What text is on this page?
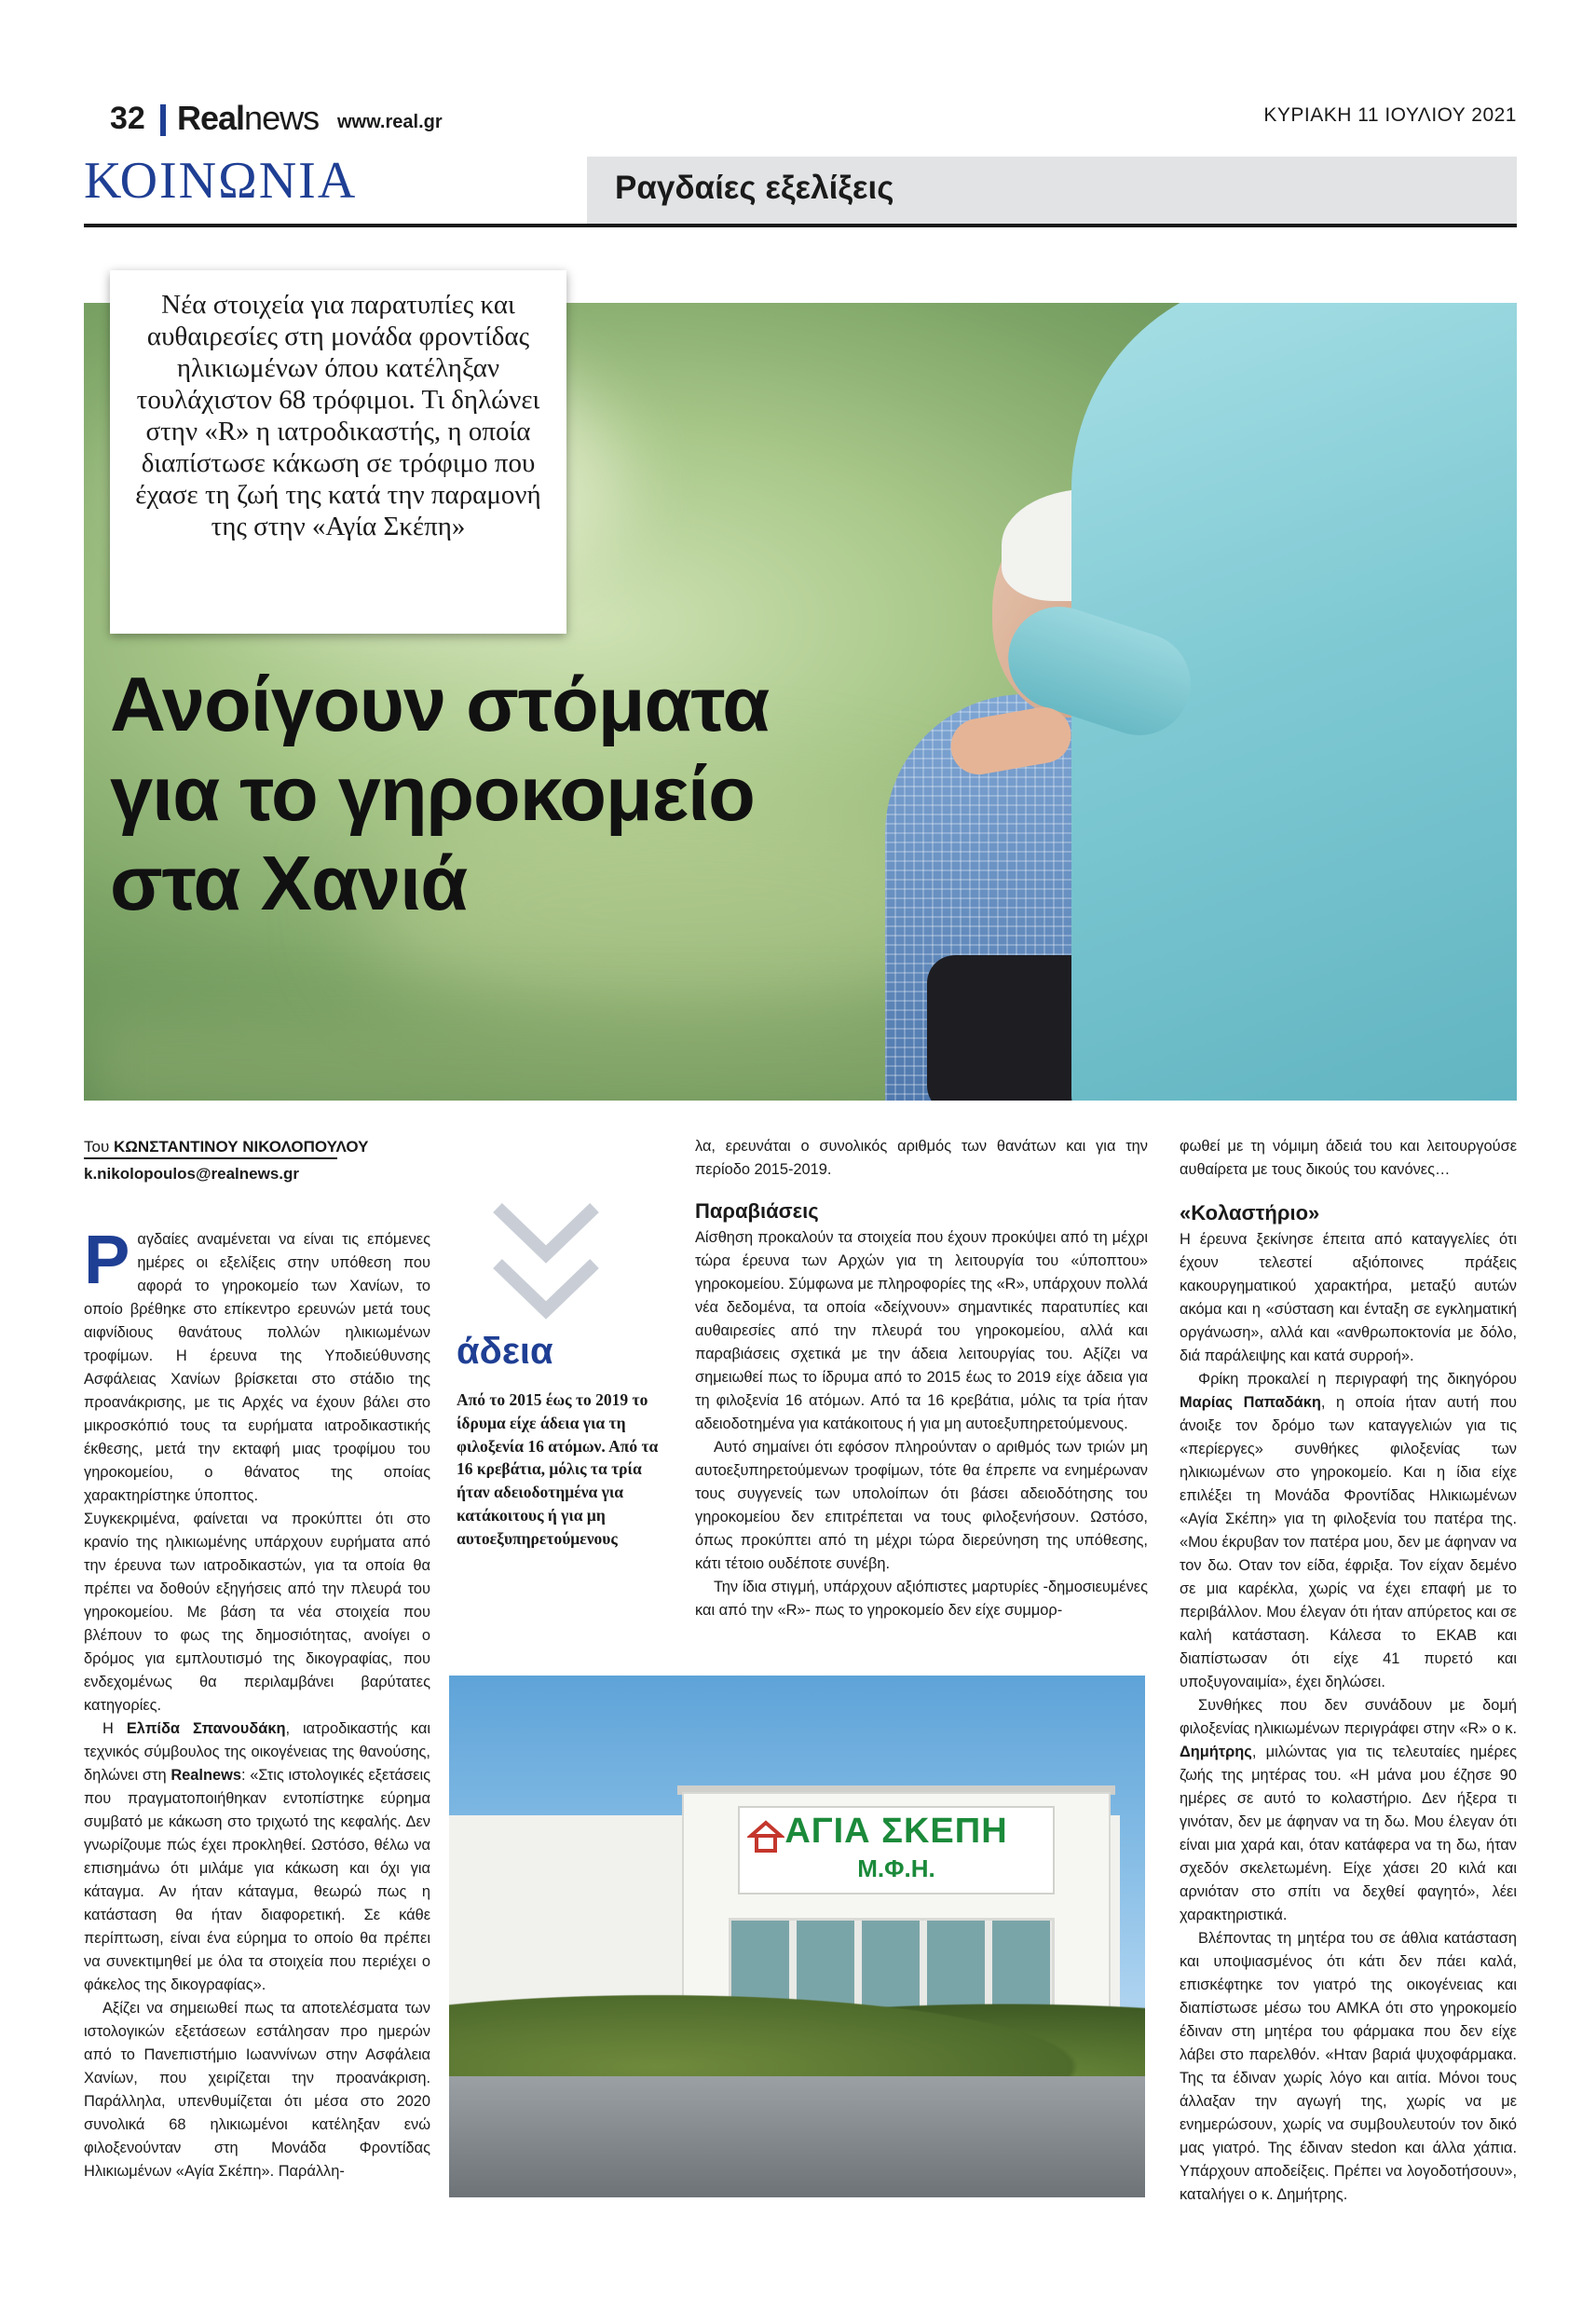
32 Realnews www.real.gr	ΚΥΡΙΑΚΗ 11 ΙΟΥΛΙΟΥ 2021
ΚΟΙΝΩΝΙΑ	Ραγδαίες εξελίξεις

Νέα στοιχεία για παρατυπίες και αυθαιρεσίες στη μονάδα φροντίδας ηλικιωμένων όπου κατέληξαν τουλάχιστον 68 τρόφιμοι. Τι δηλώνει στην «R» η ιατροδικαστής, η οποία διαπίστωσε κάκωση σε τρόφιμο που έχασε τη ζωή της κατά την παραμονή της στην «Αγία Σκέπη»

Ανοίγουν στόματα
για το γηροκομείο
στα Χανιά
Του ΚΩΝΣΤΑΝΤΙΝΟΥ ΝΙΚΟΛΟΠΟΥΛΟΥ
k.nikolopoulos@realnews.gr

Ραγδαίες αναμένεται να είναι τις επόμενες ημέρες οι εξελίξεις στην υπόθεση που αφορά το γηροκομείο των Χανίων, το οποίο βρέθηκε στο επίκεντρο ερευνών μετά τους αιφνίδιους θανάτους πολλών ηλικιωμένων τροφίμων. Η έρευνα της Υποδιεύθυνσης Ασφάλειας Χανίων βρίσκεται στο στάδιο της προανάκρισης, με τις Αρχές να έχουν βάλει στο μικροσκόπιό τους τα ευρήματα ιατροδικαστικής έκθεσης, μετά την εκταφή μιας τροφίμου του γηροκομείου, ο θάνατος της οποίας χαρακτηρίστηκε ύποπτος.

Συγκεκριμένα, φαίνεται να προκύπτει ότι στο κρανίο της ηλικιωμένης υπάρχουν ευρήματα από την έρευνα των ιατροδικαστών, για τα οποία θα πρέπει να δοθούν εξηγήσεις από την πλευρά του γηροκομείου. Με βάση τα νέα στοιχεία που βλέπουν το φως της δημοσιότητας, ανοίγει ο δρόμος για εμπλουτισμό της δικογραφίας, που ενδεχομένως θα περιλαμβάνει βαρύτατες κατηγορίες.

Η Ελπίδα Σπανουδάκη, ιατροδικαστής και τεχνικός σύμβουλος της οικογένειας της θανούσης, δηλώνει στη Realnews: «Στις ιστολογικές εξετάσεις που πραγματοποιήθηκαν εντοπίστηκε εύρημα συμβατό με κάκωση στο τριχωτό της κεφαλής. Δεν γνωρίζουμε πώς έχει προκληθεί. Ωστόσο, θέλω να επισημάνω ότι μιλάμε για κάκωση και όχι για κάταγμα. Αν ήταν κάταγμα, θεωρώ πως η κατάσταση θα ήταν διαφορετική. Σε κάθε περίπτωση, είναι ένα εύρημα το οποίο θα πρέπει να συνεκτιμηθεί με όλα τα στοιχεία που περιέχει ο φάκελος της δικογραφίας».

Αξίζει να σημειωθεί πως τα αποτελέσματα των ιστολογικών εξετάσεων εστάλησαν προ ημερών από το Πανεπιστήμιο Ιωαννίνων στην Ασφάλεια Χανίων, που χειρίζεται την προανάκριση. Παράλληλα, υπενθυμίζεται ότι μέσα στο 2020 συνολικά 68 ηλικιωμένοι κατέληξαν ενώ φιλοξενούνταν στη Μονάδα Φροντίδας Ηλικιωμένων «Αγία Σκέπη». Παράλλη-

άδεια
Από το 2015 έως το 2019 το ίδρυμα είχε άδεια για τη φιλοξενία 16 ατόμων. Από τα 16 κρεβάτια, μόλις τα τρία ήταν αδειοδοτημένα για κατάκοιτους ή για μη αυτοεξυπηρετούμενους

λα, ερευνάται ο συνολικός αριθμός των θανάτων και για την περίοδο 2015-2019.

Παραβιάσεις

Αίσθηση προκαλούν τα στοιχεία που έχουν προκύψει από τη μέχρι τώρα έρευνα των Αρχών για τη λειτουργία του «ύποπτου» γηροκομείου. Σύμφωνα με πληροφορίες της «R», υπάρχουν πολλά νέα δεδομένα, τα οποία «δείχνουν» σημαντικές παρατυπίες και αυθαιρεσίες από την πλευρά του γηροκομείου, αλλά και παραβιάσεις σχετικά με την άδεια λειτουργίας του. Αξίζει να σημειωθεί πως το ίδρυμα από το 2015 έως το 2019 είχε άδεια για τη φιλοξενία 16 ατόμων. Από τα 16 κρεβάτια, μόλις τα τρία ήταν αδειοδοτημένα για κατάκοιτους ή για μη αυτοεξυπηρετούμενους.

Αυτό σημαίνει ότι εφόσον πληρούνταν ο αριθμός των τριών μη αυτοεξυπηρετούμενων τροφίμων, τότε θα έπρεπε να ενημέρωναν τους συγγενείς των υπολοίπων ότι βάσει αδειοδότησης του γηροκομείου δεν επιτρέπεται να τους φιλοξενήσουν. Ωστόσο, όπως προκύπτει από τη μέχρι τώρα διερεύνηση της υπόθεσης, κάτι τέτοιο ουδέποτε συνέβη.

Την ίδια στιγμή, υπάρχουν αξιόπιστες μαρτυρίες -δημοσιευμένες και από την «R»- πως το γηροκομείο δεν είχε συμμορ-

ΑΓΙΑ ΣΚΕΠΗ
Μ.Φ.Η.

φωθεί με τη νόμιμη άδειά του και λειτουργούσε αυθαίρετα με τους δικούς του κανόνες…

«Κολαστήριο»

Η έρευνα ξεκίνησε έπειτα από καταγγελίες ότι έχουν τελεστεί αξιόποινες πράξεις κακουργηματικού χαρακτήρα, μεταξύ αυτών ακόμα και η «σύσταση και ένταξη σε εγκληματική οργάνωση», αλλά και «ανθρωποκτονία με δόλο, διά παράλειψης και κατά συρροή».

Φρίκη προκαλεί η περιγραφή της δικηγόρου Μαρίας Παπαδάκη, η οποία ήταν αυτή που άνοιξε τον δρόμο των καταγγελιών για τις «περίεργες» συνθήκες φιλοξενίας των ηλικιωμένων στο γηροκομείο. Και η ίδια είχε επιλέξει τη Μονάδα Φροντίδας Ηλικιωμένων «Αγία Σκέπη» για τη φιλοξενία του πατέρα της. «Μου έκρυβαν τον πατέρα μου, δεν με άφηναν να τον δω. Οταν τον είδα, έφριξα. Τον είχαν δεμένο σε μια καρέκλα, χωρίς να έχει επαφή με το περιβάλλον. Μου έλεγαν ότι ήταν απύρετος και σε καλή κατάσταση. Κάλεσα το ΕΚΑΒ και διαπίστωσαν ότι είχε 41 πυρετό και υποξυγοναιμία», έχει δηλώσει.

Συνθήκες που δεν συνάδουν με δομή φιλοξενίας ηλικιωμένων περιγράφει στην «R» ο κ. Δημήτρης, μιλώντας για τις τελευταίες ημέρες ζωής της μητέρας του. «Η μάνα μου έζησε 90 ημέρες σε αυτό το κολαστήριο. Δεν ήξερα τι γινόταν, δεν με άφηναν να τη δω. Μου έλεγαν ότι είναι μια χαρά και, όταν κατάφερα να τη δω, ήταν σχεδόν σκελετωμένη. Είχε χάσει 20 κιλά και αρνιόταν στο σπίτι να δεχθεί φαγητό», λέει χαρακτηριστικά.

Βλέποντας τη μητέρα του σε άθλια κατάσταση και υποψιασμένος ότι κάτι δεν πάει καλά, επισκέφτηκε τον γιατρό της οικογένειας και διαπίστωσε μέσω του ΑΜΚΑ ότι στο γηροκομείο έδιναν στη μητέρα του φάρμακα που δεν είχε λάβει στο παρελθόν. «Ηταν βαριά ψυχοφάρμακα. Της τα έδιναν χωρίς λόγο και αιτία. Μόνοι τους άλλαξαν την αγωγή της, χωρίς να με ενημερώσουν, χωρίς να συμβουλευτούν τον δικό μας γιατρό. Της έδιναν stedon και άλλα χάπια. Υπάρχουν αποδείξεις. Πρέπει να λογοδοτήσουν», καταλήγει ο κ. Δημήτρης.
